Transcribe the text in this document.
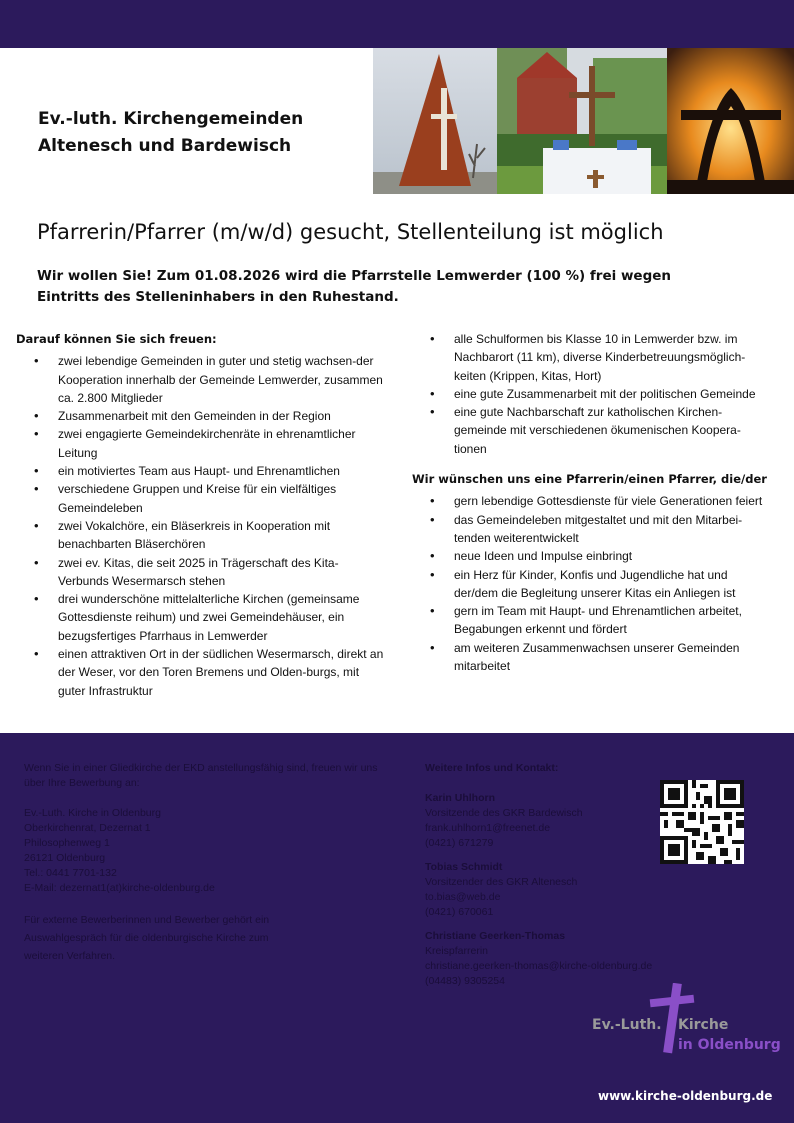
Ev.-luth. Kirchengemeinden
Altenesch und Bardewisch
Pfarrerin/Pfarrer (m/w/d) gesucht, Stellenteilung ist möglich

Wir wollen Sie! Zum 01.08.2026 wird die Pfarrstelle Lemwerder (100 %) frei wegen Eintritts des Stelleninhabers in den Ruhestand.

Darauf können Sie sich freuen:
• zwei lebendige Gemeinden in guter und stetig wachsen-der Kooperation innerhalb der Gemeinde Lemwerder, zusammen ca. 2.800 Mitglieder
• Zusammenarbeit mit den Gemeinden in der Region
• zwei engagierte Gemeindekirchenräte in ehrenamtlicher Leitung
• ein motiviertes Team aus Haupt- und Ehrenamtlichen
• verschiedene Gruppen und Kreise für ein vielfältiges Gemeindeleben
• zwei Vokalchöre, ein Bläserkreis in Kooperation mit benachbarten Bläserchören
• zwei ev. Kitas, die seit 2025 in Trägerschaft des Kita-Verbunds Wesermarsch stehen
• drei wunderschöne mittelalterliche Kirchen (gemeinsame Gottesdienste reihum) und zwei Gemeindehäuser, ein bezugsfertiges Pfarrhaus in Lemwerder
• einen attraktiven Ort in der südlichen Wesermarsch, direkt an der Weser, vor den Toren Bremens und Olden-burgs, mit guter Infrastruktur
• alle Schulformen bis Klasse 10 in Lemwerder bzw. im Nachbarort (11 km), diverse Kinderbetreuungsmöglich-keiten (Krippen, Kitas, Hort)
• eine gute Zusammenarbeit mit der politischen Gemeinde
• eine gute Nachbarschaft zur katholischen Kirchen-gemeinde mit verschiedenen ökumenischen Koopera-tionen
Wir wünschen uns eine Pfarrerin/einen Pfarrer, die/der
• gern lebendige Gottesdienste für viele Generationen feiert
• das Gemeindeleben mitgestaltet und mit den Mitarbei-tenden weiterentwickelt
• neue Ideen und Impulse einbringt
• ein Herz für Kinder, Konfis und Jugendliche hat und der/dem die Begleitung unserer Kitas ein Anliegen ist
• gern im Team mit Haupt- und Ehrenamtlichen arbeitet, Begabungen erkennt und fördert
• am weiteren Zusammenwachsen unserer Gemeinden mitarbeitet

Wenn Sie in einer Gliedkirche der EKD anstellungsfähig sind, freuen wir uns über Ihre Bewerbung an:

Ev.-Luth. Kirche in Oldenburg
Oberkirchenrat, Dezernat 1
Philosophenweg 1
26121 Oldenburg
Tel.: 0441 7701-132
E-Mail: dezernat1(at)kirche-oldenburg.de

Für externe Bewerberinnen und Bewerber gehört ein Auswahlgespräch für die oldenburgische Kirche zum weiteren Verfahren.

Weitere Infos und Kontakt:
Karin Uhlhorn
Vorsitzende des GKR Bardewisch
frank.uhlhorn1@freenet.de
(0421) 671279
Tobias Schmidt
Vorsitzender des GKR Altenesch
to.bias@web.de
(0421) 670061
Christiane Geerken-Thomas
Kreispfarrerin
christiane.geerken-thomas@kirche-oldenburg.de
(04483) 9305254
Ev.-Luth. Kirche
in Oldenburg
www.kirche-oldenburg.de
